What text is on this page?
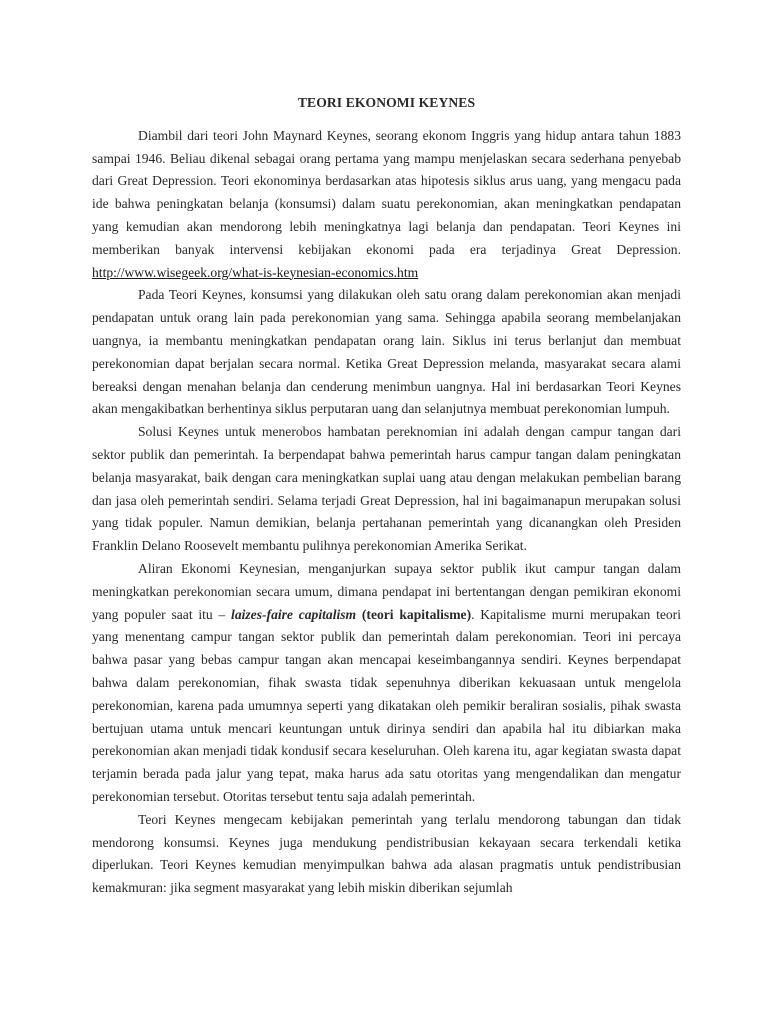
TEORI EKONOMI KEYNES

Diambil dari teori John Maynard Keynes, seorang ekonom Inggris yang hidup antara tahun 1883 sampai 1946. Beliau dikenal sebagai orang pertama yang mampu menjelaskan secara sederhana penyebab dari Great Depression. Teori ekonominya berdasarkan atas hipotesis siklus arus uang, yang mengacu pada ide bahwa peningkatan belanja (konsumsi) dalam suatu perekonomian, akan meningkatkan pendapatan yang kemudian akan mendorong lebih meningkatnya lagi belanja dan pendapatan. Teori Keynes ini memberikan banyak intervensi kebijakan ekonomi pada era terjadinya Great Depression. http://www.wisegeek.org/what-is-keynesian-economics.htm

Pada Teori Keynes, konsumsi yang dilakukan oleh satu orang dalam perekonomian akan menjadi pendapatan untuk orang lain pada perekonomian yang sama. Sehingga apabila seorang membelanjakan uangnya, ia membantu meningkatkan pendapatan orang lain. Siklus ini terus berlanjut dan membuat perekonomian dapat berjalan secara normal. Ketika Great Depression melanda, masyarakat secara alami bereaksi dengan menahan belanja dan cenderung menimbun uangnya. Hal ini berdasarkan Teori Keynes akan mengakibatkan berhentinya siklus perputaran uang dan selanjutnya membuat perekonomian lumpuh.

Solusi Keynes untuk menerobos hambatan pereknomian ini adalah dengan campur tangan dari sektor publik dan pemerintah. Ia berpendapat bahwa pemerintah harus campur tangan dalam peningkatan belanja masyarakat, baik dengan cara meningkatkan suplai uang atau dengan melakukan pembelian barang dan jasa oleh pemerintah sendiri. Selama terjadi Great Depression, hal ini bagaimanapun merupakan solusi yang tidak populer. Namun demikian, belanja pertahanan pemerintah yang dicanangkan oleh Presiden Franklin Delano Roosevelt membantu pulihnya perekonomian Amerika Serikat.

Aliran Ekonomi Keynesian, menganjurkan supaya sektor publik ikut campur tangan dalam meningkatkan perekonomian secara umum, dimana pendapat ini bertentangan dengan pemikiran ekonomi yang populer saat itu – laizes-faire capitalism (teori kapitalisme). Kapitalisme murni merupakan teori yang menentang campur tangan sektor publik dan pemerintah dalam perekonomian. Teori ini percaya bahwa pasar yang bebas campur tangan akan mencapai keseimbangannya sendiri. Keynes berpendapat bahwa dalam perekonomian, fihak swasta tidak sepenuhnya diberikan kekuasaan untuk mengelola perekonomian, karena pada umumnya seperti yang dikatakan oleh pemikir beraliran sosialis, pihak swasta bertujuan utama untuk mencari keuntungan untuk dirinya sendiri dan apabila hal itu dibiarkan maka perekonomian akan menjadi tidak kondusif secara keseluruhan. Oleh karena itu, agar kegiatan swasta dapat terjamin berada pada jalur yang tepat, maka harus ada satu otoritas yang mengendalikan dan mengatur perekonomian tersebut. Otoritas tersebut tentu saja adalah pemerintah.

Teori Keynes mengecam kebijakan pemerintah yang terlalu mendorong tabungan dan tidak mendorong konsumsi. Keynes juga mendukung pendistribusian kekayaan secara terkendali ketika diperlukan. Teori Keynes kemudian menyimpulkan bahwa ada alasan pragmatis untuk pendistribusian kemakmuran: jika segment masyarakat yang lebih miskin diberikan sejumlah
